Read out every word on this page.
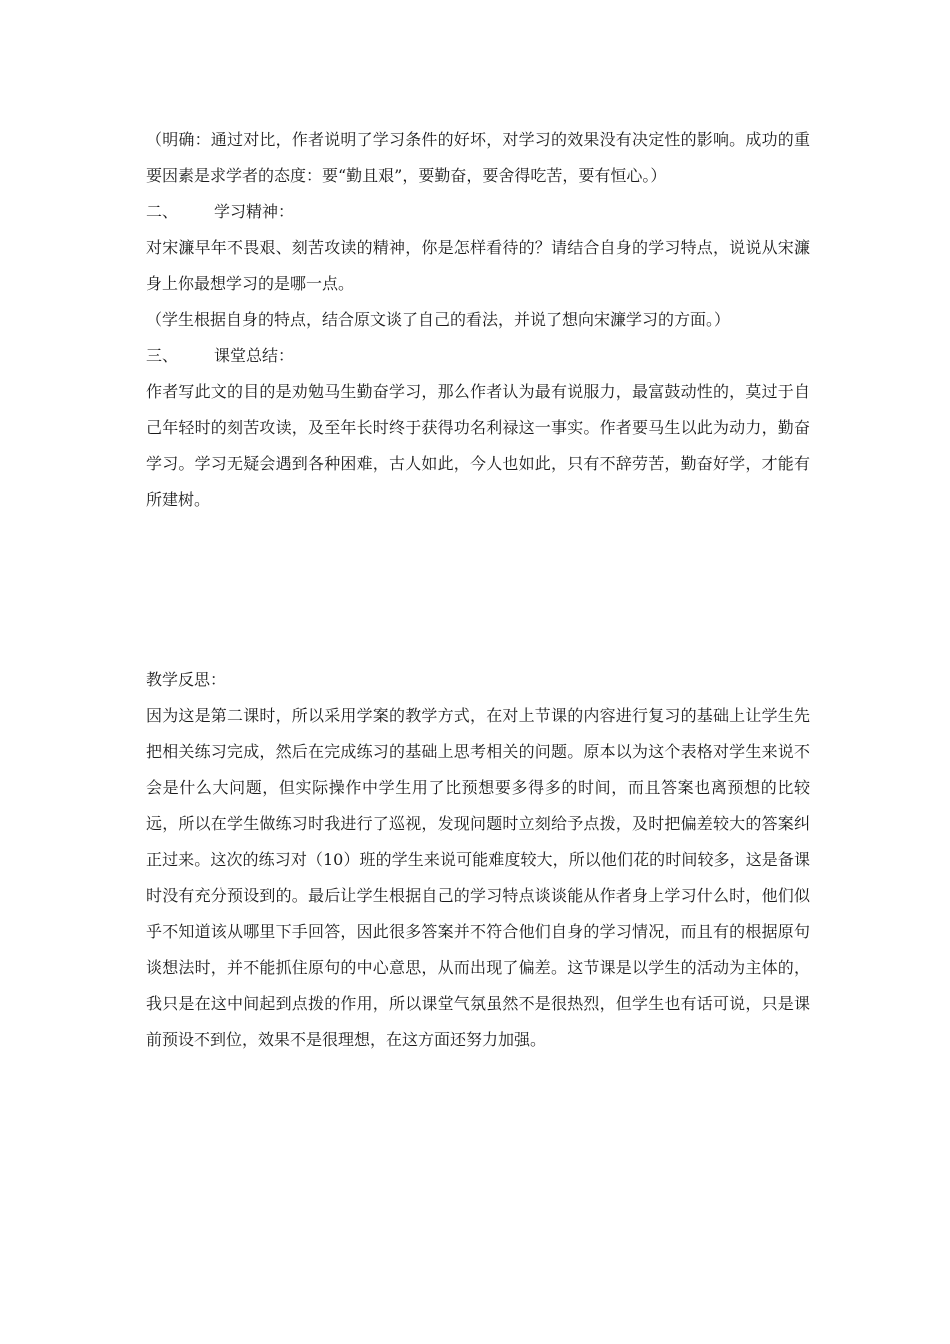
（明确：通过对比，作者说明了学习条件的好坏，对学习的效果没有决定性的影响。成功的重要因素是求学者的态度：要“勤且艰”，要勤奋，要舍得吃苦，要有恒心。）

二、	学习精神：

对宋濂早年不畏艰、刻苦攻读的精神，你是怎样看待的？请结合自身的学习特点，说说从宋濂身上你最想学习的是哪一点。

（学生根据自身的特点，结合原文谈了自己的看法，并说了想向宋濂学习的方面。）

三、	课堂总结：

作者写此文的目的是劝勉马生勤奋学习，那么作者认为最有说服力，最富鼓动性的，莫过于自己年轻时的刻苦攻读，及至年长时终于获得功名利禄这一事实。作者要马生以此为动力，勤奋学习。学习无疑会遇到各种困难，古人如此，今人也如此，只有不辞劳苦，勤奋好学，才能有所建树。

教学反思：

因为这是第二课时，所以采用学案的教学方式，在对上节课的内容进行复习的基础上让学生先把相关练习完成，然后在完成练习的基础上思考相关的问题。原本以为这个表格对学生来说不会是什么大问题，但实际操作中学生用了比预想要多得多的时间，而且答案也离预想的比较远，所以在学生做练习时我进行了巡视，发现问题时立刻给予点拨，及时把偏差较大的答案纠正过来。这次的练习对（10）班的学生来说可能难度较大，所以他们花的时间较多，这是备课时没有充分预设到的。最后让学生根据自己的学习特点谈谈能从作者身上学习什么时，他们似乎不知道该从哪里下手回答，因此很多答案并不符合他们自身的学习情况，而且有的根据原句谈想法时，并不能抓住原句的中心意思，从而出现了偏差。这节课是以学生的活动为主体的，我只是在这中间起到点拨的作用，所以课堂气氛虽然不是很热烈，但学生也有话可说，只是课前预设不到位，效果不是很理想，在这方面还努力加强。
